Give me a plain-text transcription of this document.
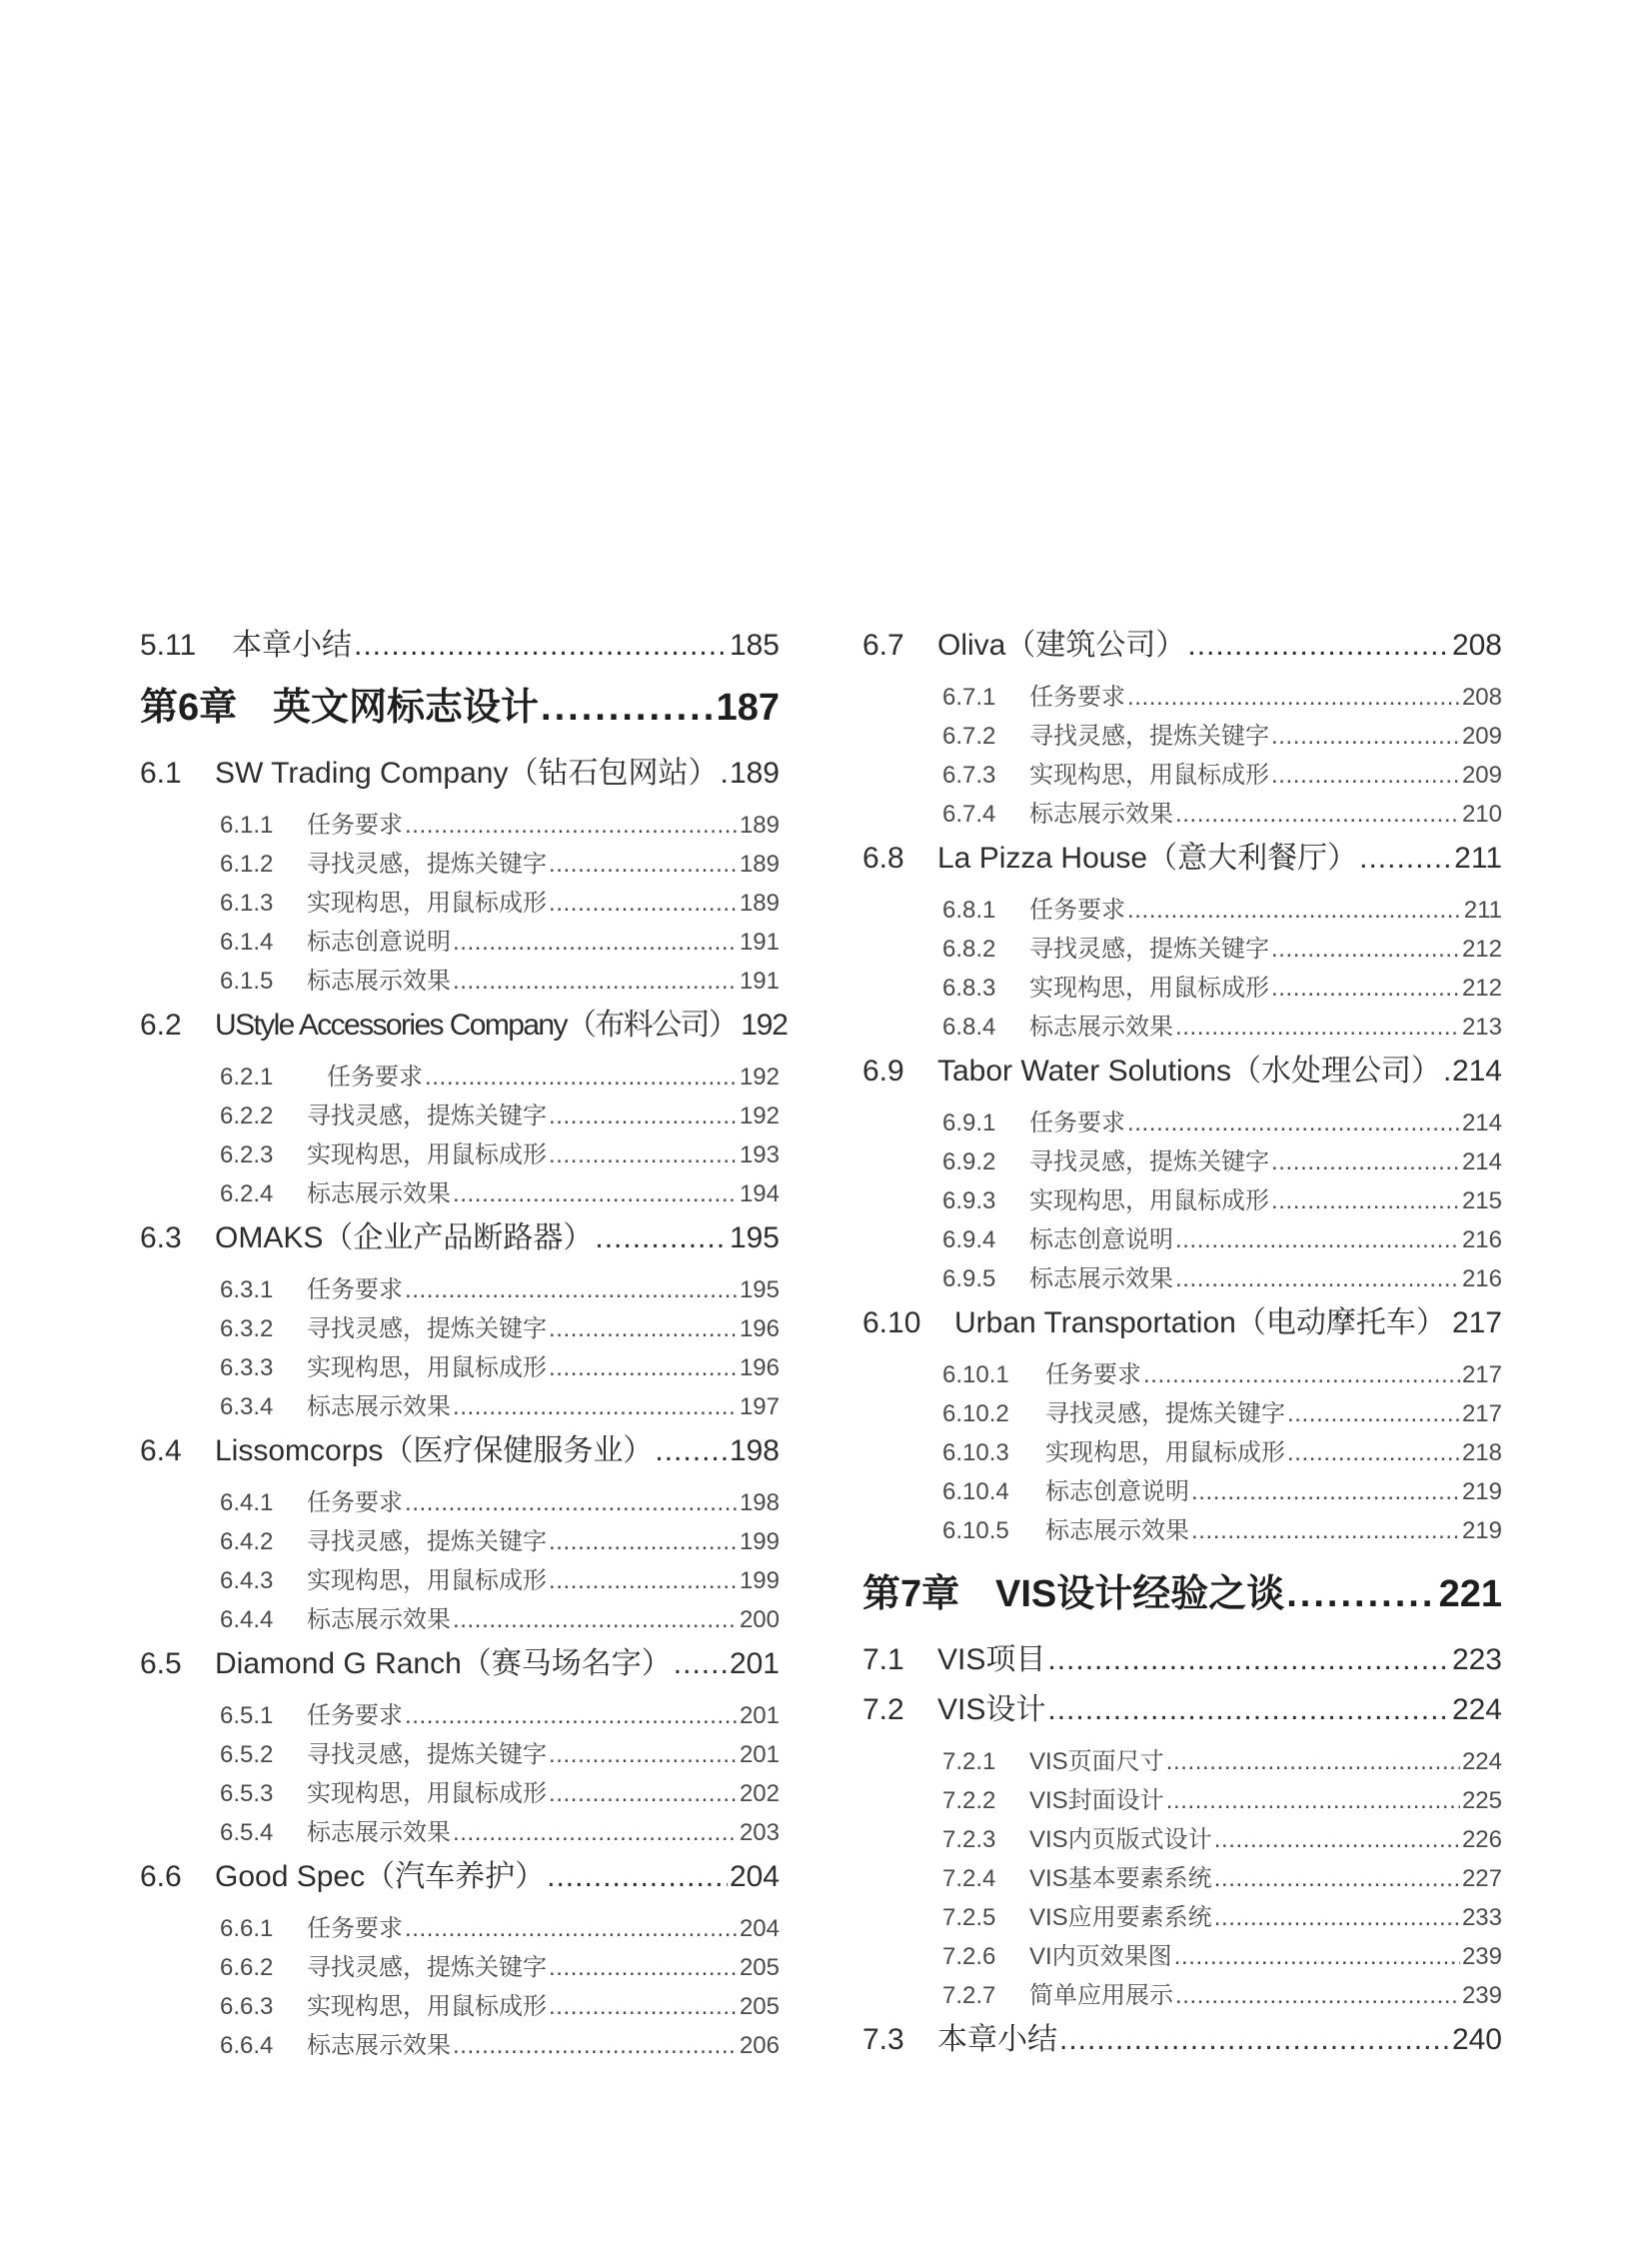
5.11	本章小结 .....	185
第6章 英文网标志设计 .....	187
6.1	SW Trading Company（钻石包网站） ..... 189
6.1.1	任务要求 .....	189
6.1.2	寻找灵感，提炼关键字 .....	189
6.1.3	实现构思，用鼠标成形 .....	189
6.1.4	标志创意说明 .....	191
6.1.5	标志展示效果 .....	191
6.2	UStyle Accessories Company（布料公司） 192
6.2.1	任务要求 .....	192
6.2.2	寻找灵感，提炼关键字 .....	192
6.2.3	实现构思，用鼠标成形 .....	193
6.2.4	标志展示效果 .....	194
6.3	OMAKS（企业产品断路器） .....	195
6.3.1	任务要求 .....	195
6.3.2	寻找灵感，提炼关键字 .....	196
6.3.3	实现构思，用鼠标成形 .....	196
6.3.4	标志展示效果 .....	197
6.4	Lissomcorps（医疗保健服务业） .....	198
6.4.1	任务要求 .....	198
6.4.2	寻找灵感，提炼关键字 .....	199
6.4.3	实现构思，用鼠标成形 .....	199
6.4.4	标志展示效果 .....	200
6.5	Diamond G Ranch（赛马场名字） ..... 201
6.5.1	任务要求 .....	201
6.5.2	寻找灵感，提炼关键字 .....	201
6.5.3	实现构思，用鼠标成形 .....	202
6.5.4	标志展示效果 .....	203
6.6	Good Spec（汽车养护） .....	204
6.6.1	任务要求 .....	204
6.6.2	寻找灵感，提炼关键字 .....	205
6.6.3	实现构思，用鼠标成形 .....	205
6.6.4	标志展示效果 .....	206
6.7	Oliva（建筑公司） .....	208
6.7.1	任务要求 .....	208
6.7.2	寻找灵感，提炼关键字 .....	209
6.7.3	实现构思，用鼠标成形 .....	209
6.7.4	标志展示效果 .....	210
6.8	La Pizza House（意大利餐厅） .....	211
6.8.1	任务要求 .....	211
6.8.2	寻找灵感，提炼关键字 .....	212
6.8.3	实现构思，用鼠标成形 .....	212
6.8.4	标志展示效果 .....	213
6.9	Tabor Water Solutions（水处理公司） ..... 214
6.9.1	任务要求 .....	214
6.9.2	寻找灵感，提炼关键字 .....	214
6.9.3	实现构思，用鼠标成形 .....	215
6.9.4	标志创意说明 .....	216
6.9.5	标志展示效果 .....	216
6.10	Urban Transportation（电动摩托车） ..... 217
6.10.1	任务要求 .....	217
6.10.2	寻找灵感，提炼关键字 .....	217
6.10.3	实现构思，用鼠标成形 .....	218
6.10.4	标志创意说明 .....	219
6.10.5	标志展示效果 .....	219
第7章 VIS设计经验之谈 .....	221
7.1	VIS项目 .....	223
7.2	VIS设计 .....	224
7.2.1	VIS页面尺寸 .....	224
7.2.2	VIS封面设计 .....	225
7.2.3	VIS内页版式设计 .....	226
7.2.4	VIS基本要素系统 .....	227
7.2.5	VIS应用要素系统 .....	233
7.2.6	VI内页效果图 .....	239
7.2.7	简单应用展示 .....	239
7.3	本章小结 .....	240
